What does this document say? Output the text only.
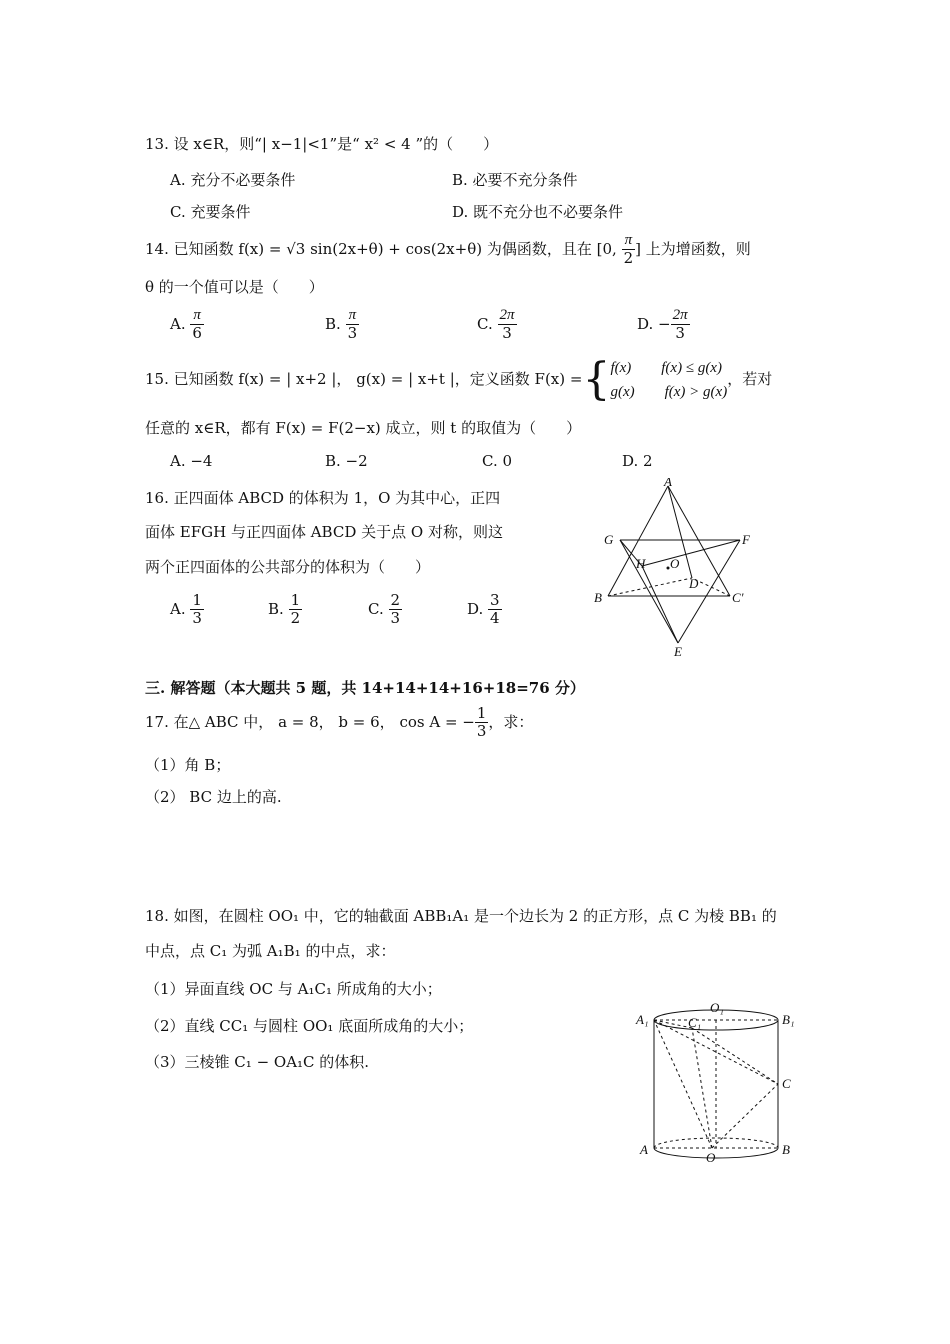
13. 设 x∈R，则“| x−1|<1”是“ x² < 4 ”的（　　）
A. 充分不必要条件	B. 必要不充分条件
C. 充要条件	D. 既不充分也不必要条件
14. 已知函数 f(x) = √3 sin(2x+θ) + cos(2x+θ) 为偶函数，且在 [0, $\frac{\pi}{2}$ ] 上为增函数，则
θ 的一个值可以是（　　）
A. $\frac{\pi}{6}$	B. $\frac{\pi}{3}$	C. $\frac{2\pi}{3}$	D. − $\frac{2\pi}{3}$
15. 已知函数 f(x) = | x+2 |， g(x) = | x+t |，定义函数 F(x) ={ f(x)　　f(x) ≤ g(x)
g(x)　　f(x) > g(x)
，若对
任意的 x∈R，都有 F(x) = F(2−x) 成立，则 t 的取值为（　　）
A. −4	B. −2	C. 0	D. 2
16. 正四面体 ABCD 的体积为 1，O 为其中心，正四
面体 EFGH 与正四面体 ABCD 关于点 O 对称，则这
两个正四面体的公共部分的体积为（　　）
A. $\frac{1}{3}$	B. $\frac{1}{2}$	C. $\frac{2}{3}$	D. $\frac{3}{4}$
A
B	C'
D
E
F
G
H O
三. 解答题（本大题共 5 题，共 14+14+14+16+18=76 分）
17. 在△ ABC 中， a = 8， b = 6， cos A = − $\frac{1}{3}$ ，求：
（1）角 B；
（2） BC 边上的高.
18. 如图，在圆柱 OO₁ 中，它的轴截面 ABB₁A₁ 是一个边长为 2 的正方形，点 C 为棱 BB₁ 的
中点，点 C₁ 为弧 A₁B₁ 的中点，求：
（1）异面直线 OC 与 A₁C₁ 所成角的大小；
（2）直线 CC₁ 与圆柱 OO₁ 底面所成角的大小；
（3）三棱锥 C₁ − OA₁C 的体积.
A₁
O₁
B₁
C₁
C
A
O
B
